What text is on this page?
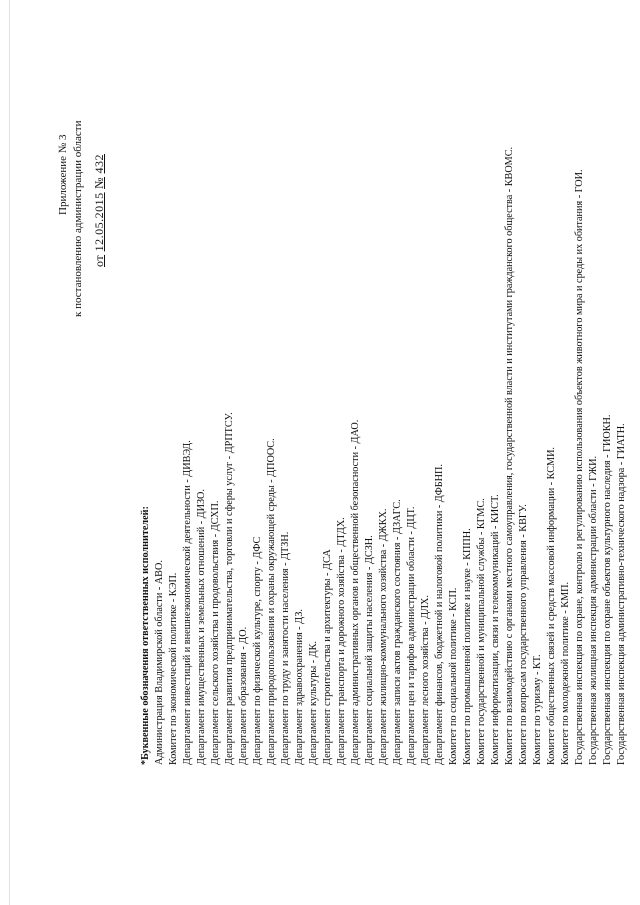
Приложение № 3 к постановлению администрации области от 12.05.2015 № 432
*Буквенные обозначения ответственных исполнителей: Администрация Владимирской области - АВО. Комитет по экономической политике - КЭП. Департамент инвестиций и внешнеэкономической деятельности - ДИВЭД. Департамент имущественных и земельных отношений - ДИЗО. Департамент сельского хозяйства и продовольствия - ДСХП. Департамент развития предпринимательства, торговли и сферы услуг - ДРПТСУ. Департамент образования - ДО. Департамент по физической культуре, спорту - ДФС Департамент природопользования и охраны окружающей среды - ДПООС. Департамент по труду и занятости населения - ДТЗН. Департамент здравоохранения - ДЗ. Департамент культуры - ДК. Департамент строительства и архитектуры - ДСА Департамент транспорта и дорожного хозяйства - ДТДХ. Департамент административных органов и общественной безопасности - ДАО. Департамент социальной защиты населения - ДСЗН. Департамент жилищно-коммунального хозяйства - ДЖКХ. Департамент записи актов гражданского состояния - ДЗАГС. Департамент цен и тарифов администрации области - ДЦТ. Департамент лесного хозяйства - ДЛХ. Департамент финансов, бюджетной и налоговой политики - ДФБНП. Комитет по социальной политике - КСП. Комитет по промышленной политике и науке - КППН. Комитет государственной и муниципальной службы - КГМС. Комитет информатизации, связи и телекоммуникаций - КИСТ. Комитет по взаимодействию с органами местного самоуправления, государственной власти и институтами гражданского общества - КВОМС. Комитет по вопросам государственного управления - КВГУ. Комитет по туризму - КТ. Комитет общественных связей и средств массовой информации - КСМИ. Комитет по молодежной политике - КМП. Государственная инспекция по охране, контролю и регулированию использования объектов животного мира и среды их обитания - ГОИ. Государственная жилищная инспекция администрации области - ГЖИ. Государственная инспекция по охране объектов культурного наследия - ГИОКН. Государственная инспекция административно-технического надзора - ГИАТН.
